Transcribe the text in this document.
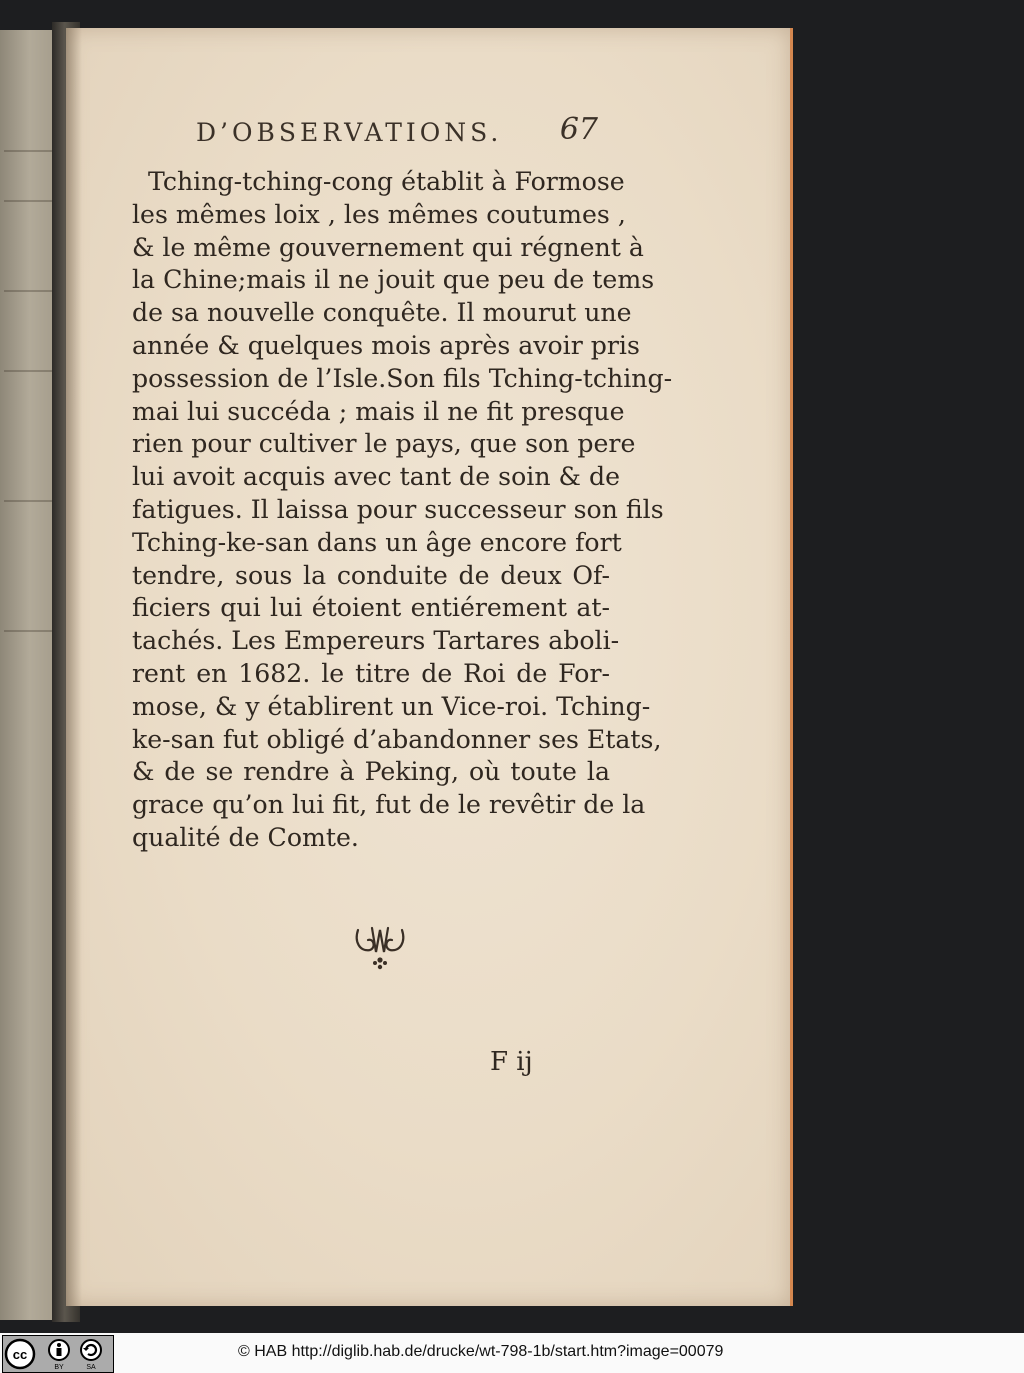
D’OBSERVATIONS. 67
Tching-tching-cong établit à Formose
les mêmes loix , les mêmes coutumes ,
& le même gouvernement qui régnent à
la Chine;mais il ne jouit que peu de tems
de sa nouvelle conquête. Il mourut une
année & quelques mois après avoir pris
possession de l’Isle.Son fils Tching-tching-
mai lui succéda ; mais il ne fit presque
rien pour cultiver le pays, que son pere
lui avoit acquis avec tant de soin & de
fatigues. Il laissa pour successeur son fils
Tching-ke-san dans un âge encore fort
tendre, sous la conduite de deux Of-
ficiers qui lui étoient entiérement at-
tachés. Les Empereurs Tartares aboli-
rent en 1682. le titre de Roi de For-
mose, & y établirent un Vice-roi. Tching-
ke-san fut obligé d’abandonner ses Etats,
& de se rendre à Peking, où toute la
grace qu’on lui fit, fut de le revêtir de la
qualité de Comte.
F ij
cc
BY	SA
© HAB http://diglib.hab.de/drucke/wt-798-1b/start.htm?image=00079
